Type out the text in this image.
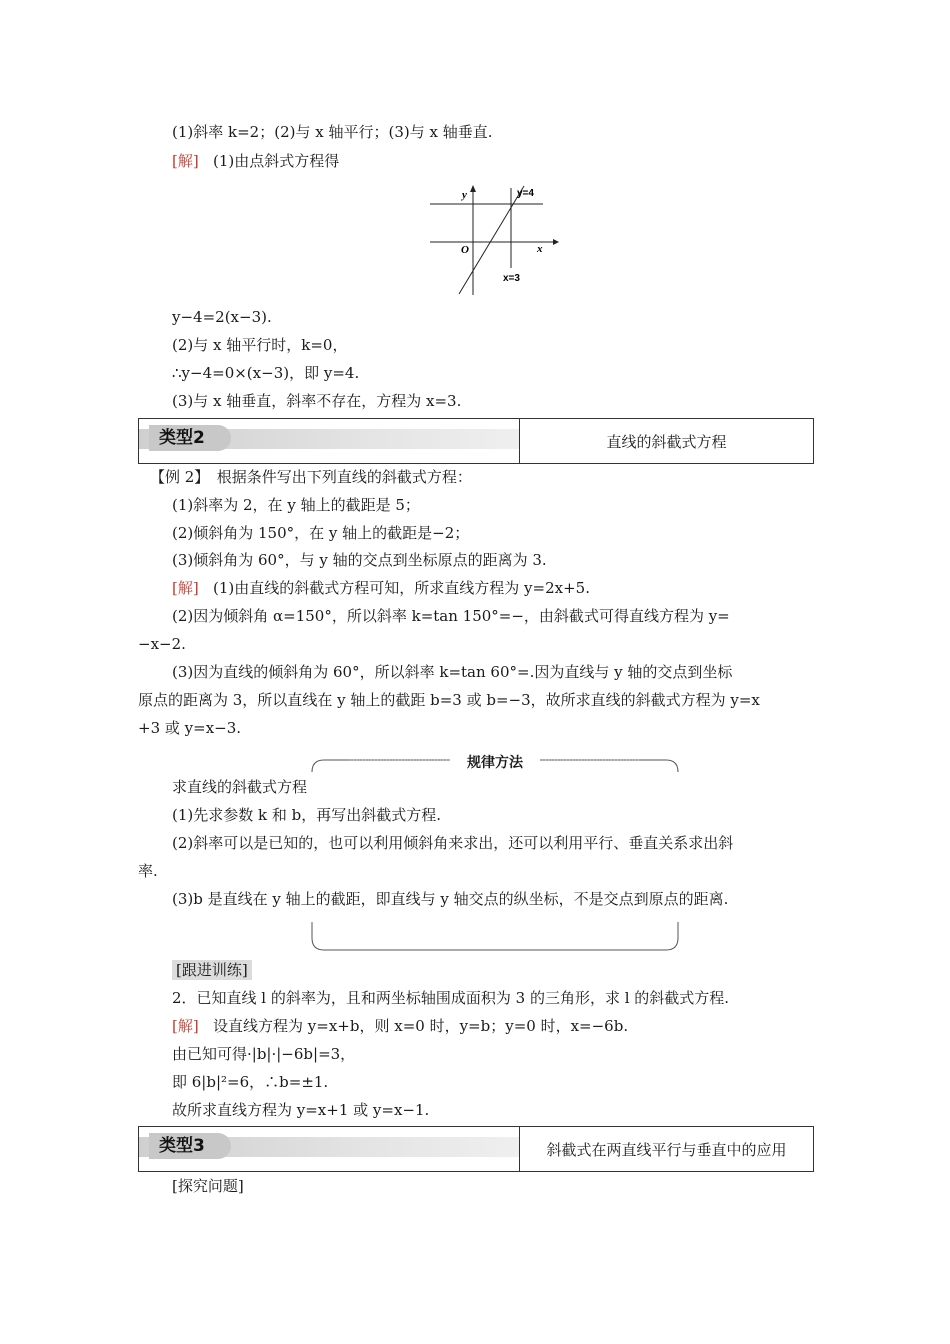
(1)斜率 k=2；(2)与 x 轴平行；(3)与 x 轴垂直.
[解] (1)由点斜式方程得
y
x
O
y=4
x=3
y−4=2(x−3).
(2)与 x 轴平行时，k=0，
∴y−4=0×(x−3)，即 y=4.
(3)与 x 轴垂直，斜率不存在，方程为 x=3.
类型2	直线的斜截式方程
【例 2】　根据条件写出下列直线的斜截式方程：
(1)斜率为 2，在 y 轴上的截距是 5；
(2)倾斜角为 150°，在 y 轴上的截距是−2；
(3)倾斜角为 60°，与 y 轴的交点到坐标原点的距离为 3.
[解] (1)由直线的斜截式方程可知，所求直线方程为 y=2x+5.
(2)因为倾斜角 α=150°，所以斜率 k=tan 150°=−，由斜截式可得直线方程为 y=
−x−2.
(3)因为直线的倾斜角为 60°，所以斜率 k=tan 60°=.因为直线与 y 轴的交点到坐标
原点的距离为 3，所以直线在 y 轴上的截距 b=3 或 b=−3，故所求直线的斜截式方程为 y=x
+3 或 y=x−3.
规律方法
求直线的斜截式方程
(1)先求参数 k 和 b，再写出斜截式方程.
(2)斜率可以是已知的，也可以利用倾斜角来求出，还可以利用平行、垂直关系求出斜
率.
(3)b 是直线在 y 轴上的截距，即直线与 y 轴交点的纵坐标，不是交点到原点的距离.
[跟进训练]
2．已知直线 l 的斜率为，且和两坐标轴围成面积为 3 的三角形，求 l 的斜截式方程.
[解] 设直线方程为 y=x+b，则 x=0 时，y=b；y=0 时，x=−6b.
由已知可得·|b|·|−6b|=3，
即 6|b|²=6，∴b=±1.
故所求直线方程为 y=x+1 或 y=x−1.
类型3	斜截式在两直线平行与垂直中的应用
[探究问题]
